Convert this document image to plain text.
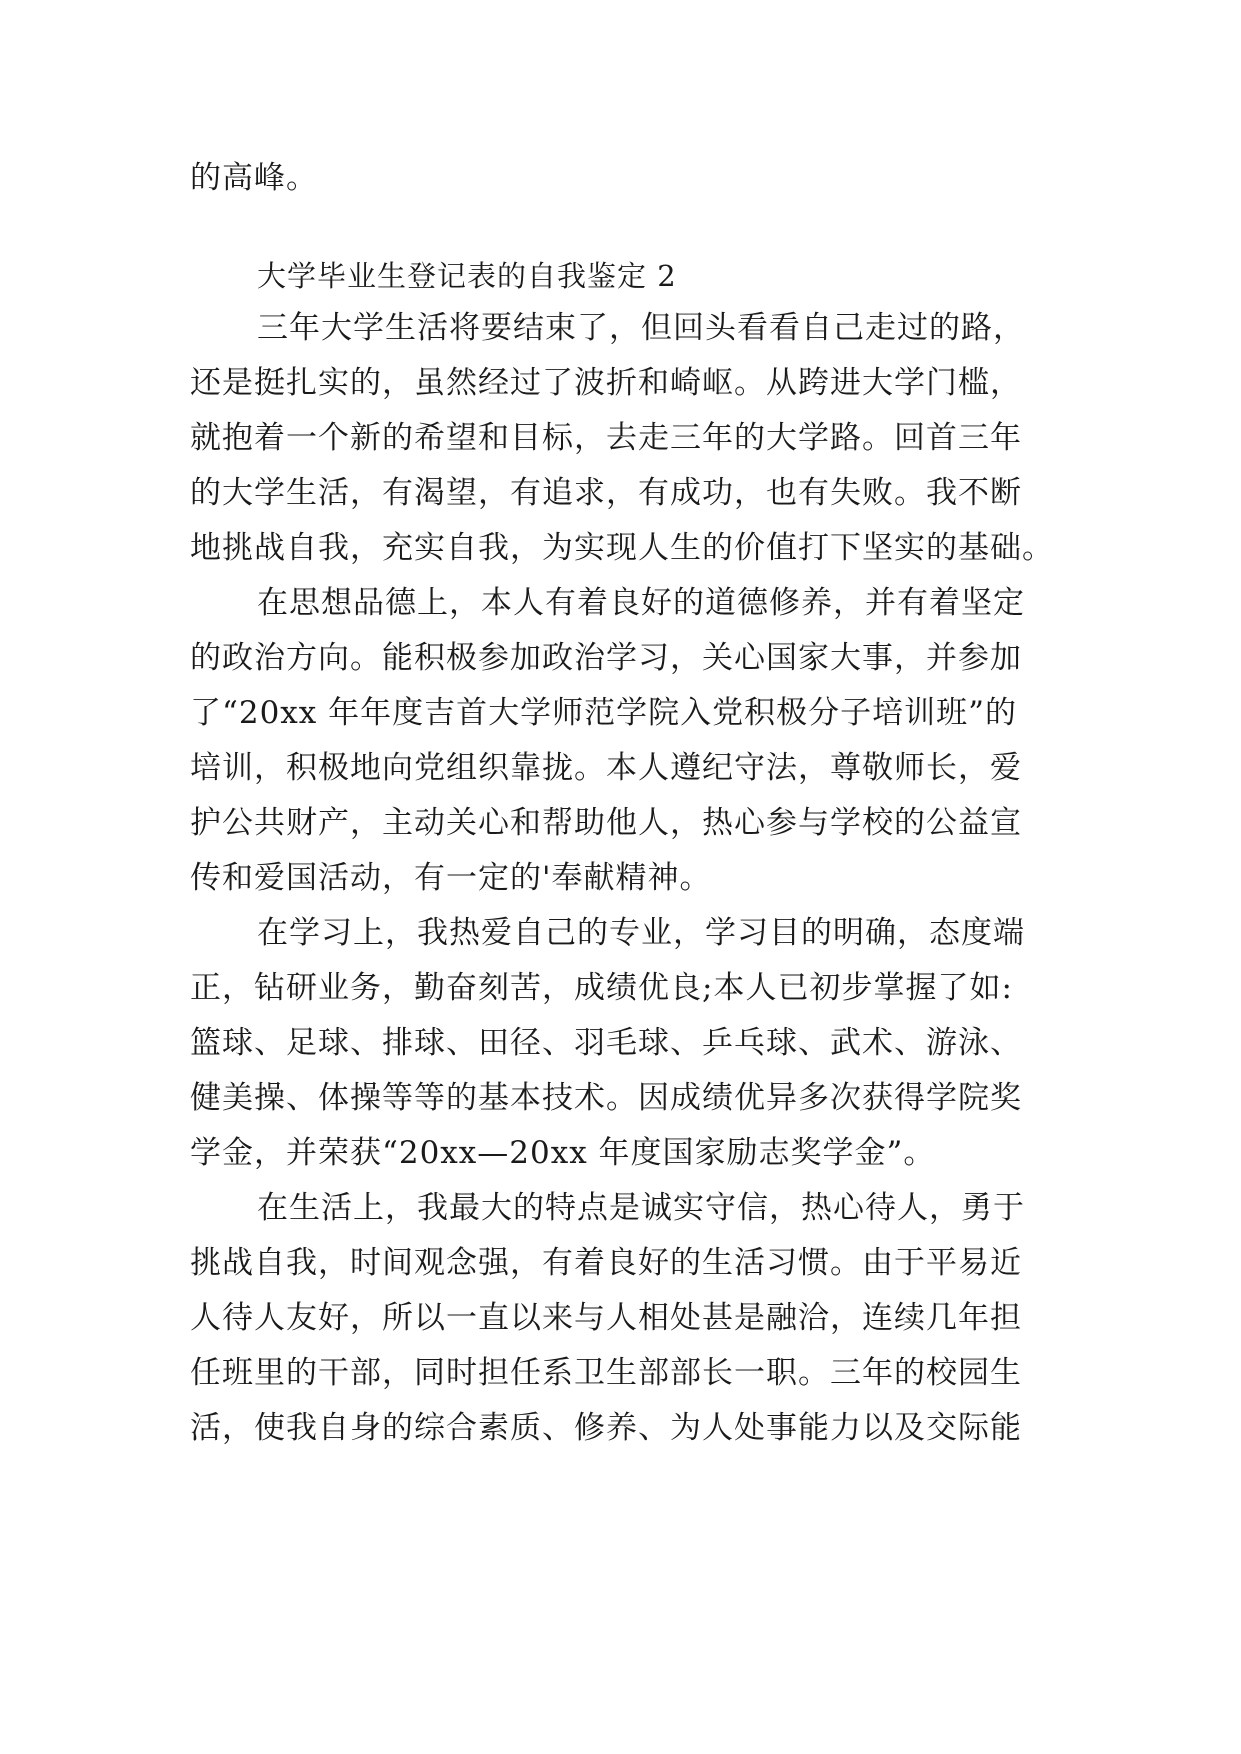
的高峰。
大学毕业生登记表的自我鉴定 2
三年大学生活将要结束了，但回头看看自己走过的路，
还是挺扎实的，虽然经过了波折和崎岖。从跨进大学门槛，
就抱着一个新的希望和目标，去走三年的大学路。回首三年
的大学生活，有渴望，有追求，有成功，也有失败。我不断
地挑战自我，充实自我，为实现人生的价值打下坚实的基础。
在思想品德上，本人有着良好的道德修养，并有着坚定
的政治方向。能积极参加政治学习，关心国家大事，并参加
了“20xx 年年度吉首大学师范学院入党积极分子培训班”的
培训，积极地向党组织靠拢。本人遵纪守法，尊敬师长，爱
护公共财产，主动关心和帮助他人，热心参与学校的公益宣
传和爱国活动，有一定的'奉献精神。
在学习上，我热爱自己的专业，学习目的明确，态度端
正，钻研业务，勤奋刻苦，成绩优良;本人已初步掌握了如:
篮球、足球、排球、田径、羽毛球、乒乓球、武术、游泳、
健美操、体操等等的基本技术。因成绩优异多次获得学院奖
学金，并荣获“20xx—20xx 年度国家励志奖学金”。
在生活上，我最大的特点是诚实守信，热心待人，勇于
挑战自我，时间观念强，有着良好的生活习惯。由于平易近
人待人友好，所以一直以来与人相处甚是融洽，连续几年担
任班里的干部，同时担任系卫生部部长一职。三年的校园生
活，使我自身的综合素质、修养、为人处事能力以及交际能
